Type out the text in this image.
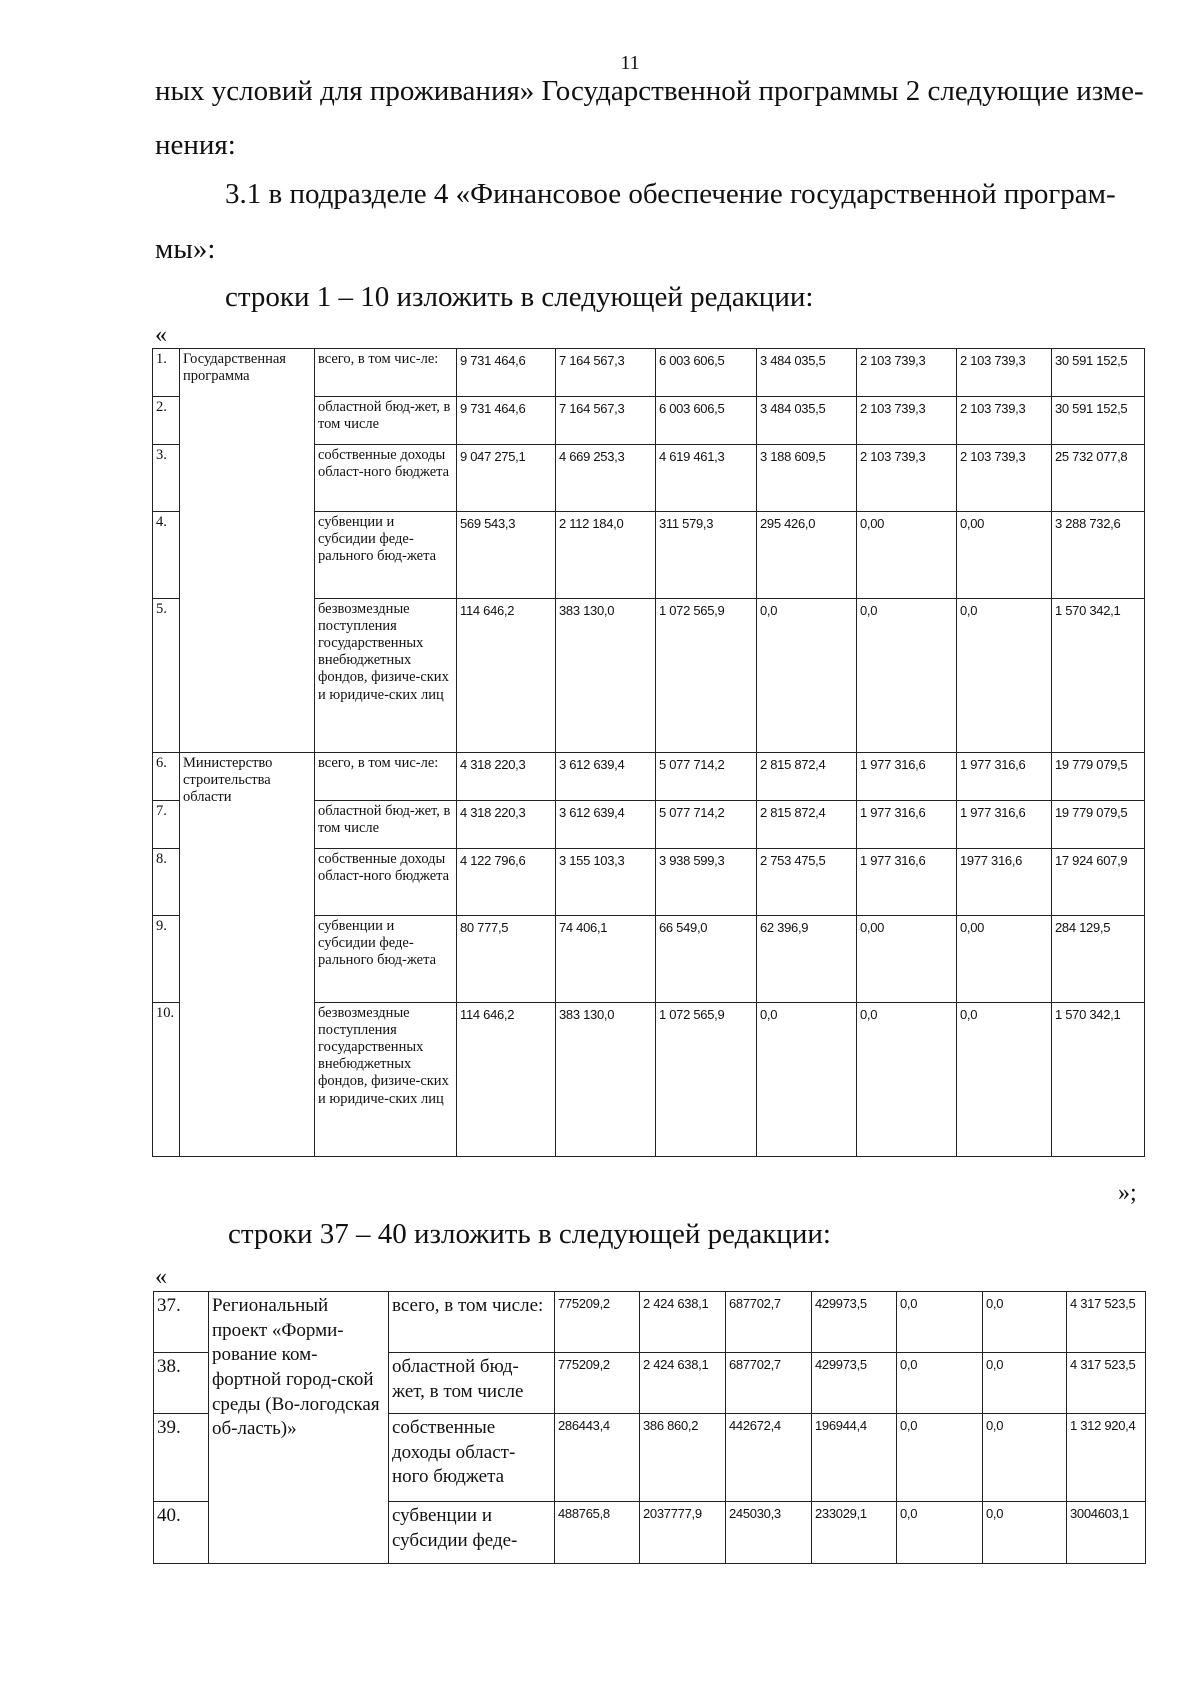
11
ных условий для проживания» Государственной программы 2 следующие изме-
нения:
3.1 в подразделе 4 «Финансовое обеспечение государственной програм-
мы»:
строки 1 – 10 изложить в следующей редакции:
«
1.	Государственная программа	всего, в том чис-ле:	9 731 464,6	7 164 567,3	6 003 606,5	3 484 035,5	2 103 739,3	2 103 739,3	30 591 152,5
2.		областной бюд-жет, в том числе	9 731 464,6	7 164 567,3	6 003 606,5	3 484 035,5	2 103 739,3	2 103 739,3	30 591 152,5
3.		собственные доходы област-ного бюджета	9 047 275,1	4 669 253,3	4 619 461,3	3 188 609,5	2 103 739,3	2 103 739,3	25 732 077,8
4.		субвенции и субсидии феде-рального бюд-жета	569 543,3	2 112 184,0	311 579,3	295 426,0	0,00	0,00	3 288 732,6
5.		безвозмездные поступления государственных внебюджетных фондов, физиче-ских и юридиче-ских лиц	114 646,2	383 130,0	1 072 565,9	0,0	0,0	0,0	1 570 342,1
6.	Министерство строительства области	всего, в том чис-ле:	4 318 220,3	3 612 639,4	5 077 714,2	2 815 872,4	1 977 316,6	1 977 316,6	19 779 079,5
7.		областной бюд-жет, в том числе	4 318 220,3	3 612 639,4	5 077 714,2	2 815 872,4	1 977 316,6	1 977 316,6	19 779 079,5
8.		собственные доходы област-ного бюджета	4 122 796,6	3 155 103,3	3 938 599,3	2 753 475,5	1 977 316,6	1977 316,6	17 924 607,9
9.		субвенции и субсидии феде-рального бюд-жета	80 777,5	74 406,1	66 549,0	62 396,9	0,00	0,00	284 129,5
10.		безвозмездные поступления государственных внебюджетных фондов, физиче-ских и юридиче-ских лиц	114 646,2	383 130,0	1 072 565,9	0,0	0,0	0,0	1 570 342,1
»;
строки 37 – 40 изложить в следующей редакции:
«
37.	Региональный проект «Форми-рование ком-фортной город-ской среды (Во-логодская об-ласть)»	всего, в том числе:	775209,2	2 424 638,1	687702,7	429973,5	0,0	0,0	4 317 523,5
38.		областной бюд-жет, в том числе	775209,2	2 424 638,1	687702,7	429973,5	0,0	0,0	4 317 523,5
39.		собственные доходы област-ного бюджета	286443,4	386 860,2	442672,4	196944,4	0,0	0,0	1 312 920,4
40.		субвенции и субсидии феде-	488765,8	2037777,9	245030,3	233029,1	0,0	0,0	3004603,1
